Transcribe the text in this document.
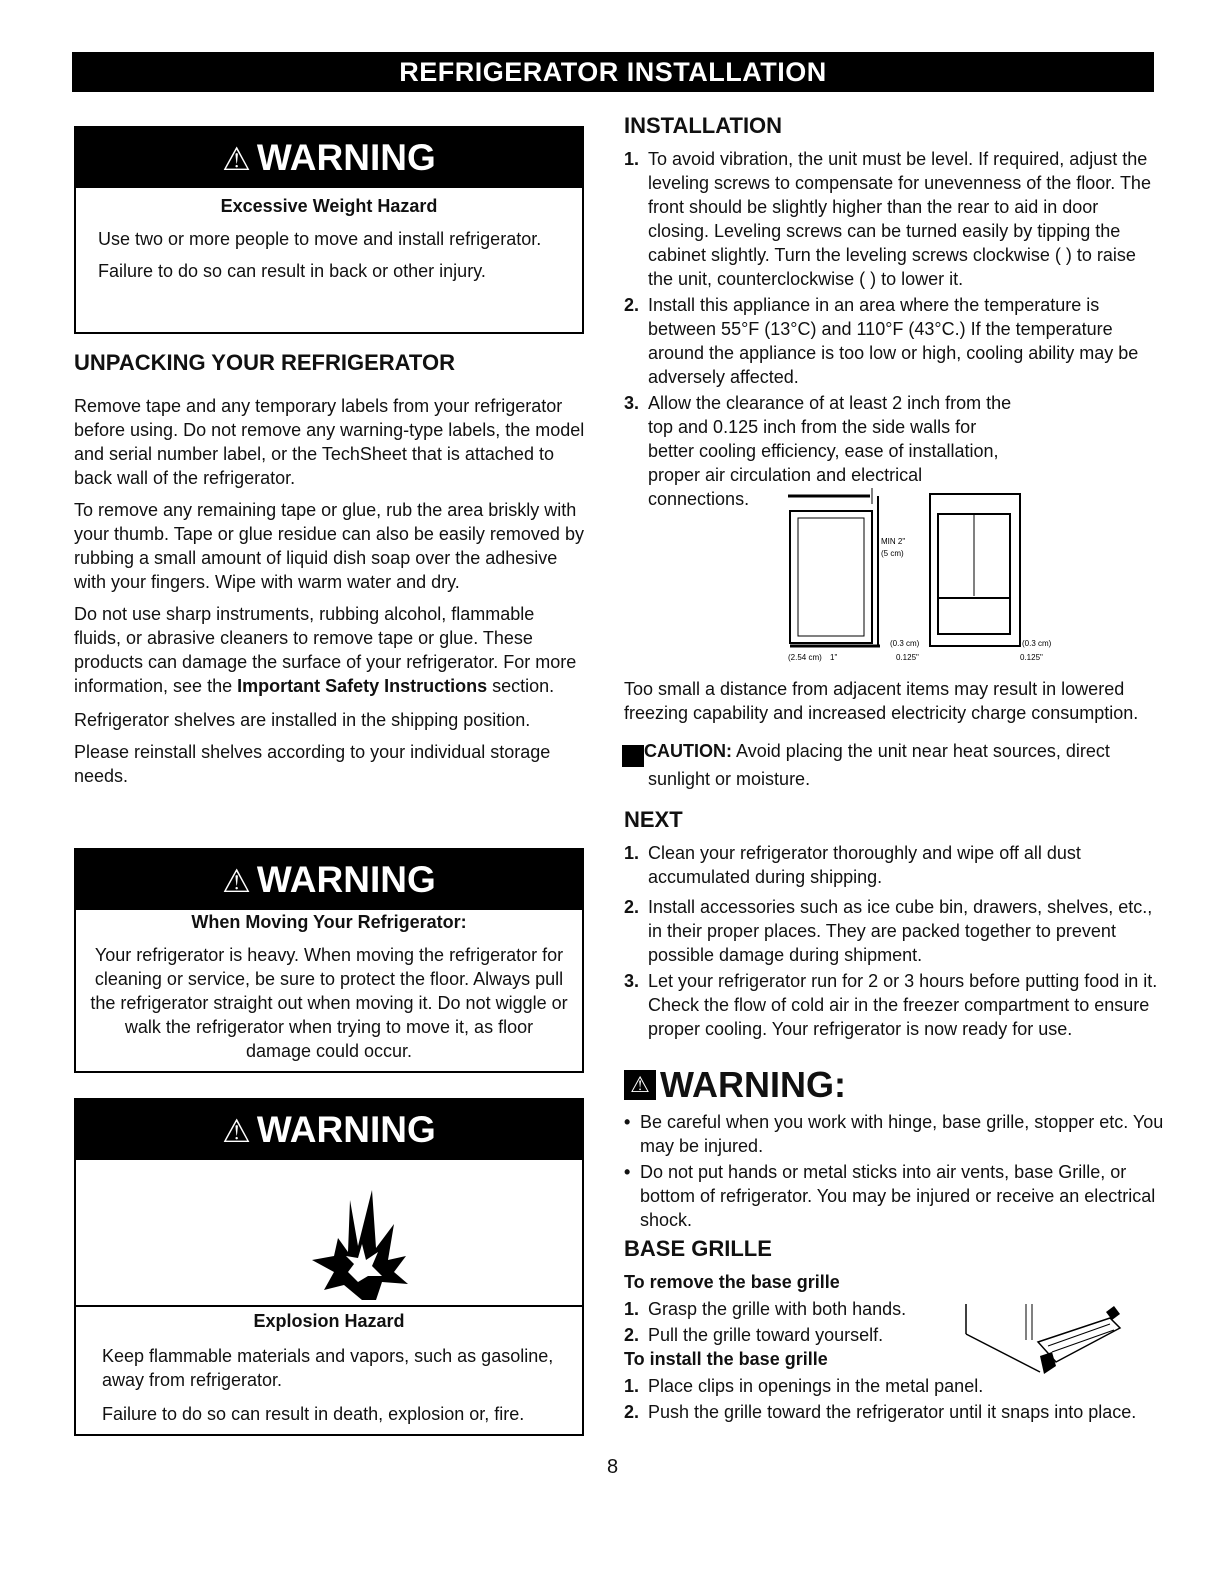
REFRIGERATOR INSTALLATION
⚠ WARNING
Excessive Weight Hazard

Use two or more people to move and install refrigerator.

Failure to do so can result in back or other injury.

UNPACKING YOUR REFRIGERATOR

Remove tape and any temporary labels from your refrigerator before using. Do not remove any warning-type labels, the model and serial number label, or the TechSheet that is attached to back wall of the refrigerator.

To remove any remaining tape or glue, rub the area briskly with your thumb. Tape or glue residue can also be easily removed by rubbing a small amount of liquid dish soap over the adhesive with your fingers. Wipe with warm water and dry.

Do not use sharp instruments, rubbing alcohol, flammable fluids, or abrasive cleaners to remove tape or glue. These products can damage the surface of your refrigerator. For more information, see the Important Safety Instructions section.

Refrigerator shelves are installed in the shipping position.

Please reinstall shelves according to your individual storage needs.

⚠ WARNING
When Moving Your Refrigerator:

Your refrigerator is heavy. When moving the refrigerator for cleaning or service, be sure to protect the floor. Always pull the refrigerator straight out when moving it. Do not wiggle or walk the refrigerator when trying to move it, as floor damage could occur.

⚠ WARNING
Explosion Hazard

Keep flammable materials and vapors, such as gasoline, away from refrigerator.

Failure to do so can result in death, explosion or, fire.

INSTALLATION
1. To avoid vibration, the unit must be level. If required, adjust the leveling screws to compensate for unevenness of the floor. The front should be slightly higher than the rear to aid in door closing. Leveling screws can be turned easily by tipping the cabinet slightly. Turn the leveling screws clockwise ( ) to raise the unit, counterclockwise ( ) to lower it.
2. Install this appliance in an area where the temperature is between 55°F (13°C) and 110°F (43°C.) If the temperature around the appliance is too low or high, cooling ability may be adversely affected.
3. Allow the clearance of at least 2 inch from the top and 0.125 inch from the side walls for better cooling efficiency, ease of installation, proper air circulation and electrical connections.
MIN 2"
(5 cm)
(2.54 cm) 1"
(0.3 cm)
0.125"
(0.3 cm)
0.125"

Too small a distance from adjacent items may result in lowered freezing capability and increased electricity charge consumption.

! CAUTION: Avoid placing the unit near heat sources, direct sunlight or moisture.

NEXT
1. Clean your refrigerator thoroughly and wipe off all dust accumulated during shipping.
2. Install accessories such as ice cube bin, drawers, shelves, etc., in their proper places. They are packed together to prevent possible damage during shipment.
3. Let your refrigerator run for 2 or 3 hours before putting food in it. Check the flow of cold air in the freezer compartment to ensure proper cooling. Your refrigerator is now ready for use.
⚠ WARNING:
• Be careful when you work with hinge, base grille, stopper etc. You may be injured.
• Do not put hands or metal sticks into air vents, base Grille, or bottom of refrigerator. You may be injured or receive an electrical shock.
BASE GRILLE
To remove the base grille
1. Grasp the grille with both hands.
2. Pull the grille toward yourself.
To install the base grille
1. Place clips in openings in the metal panel.
2. Push the grille toward the refrigerator until it snaps into place.
8
